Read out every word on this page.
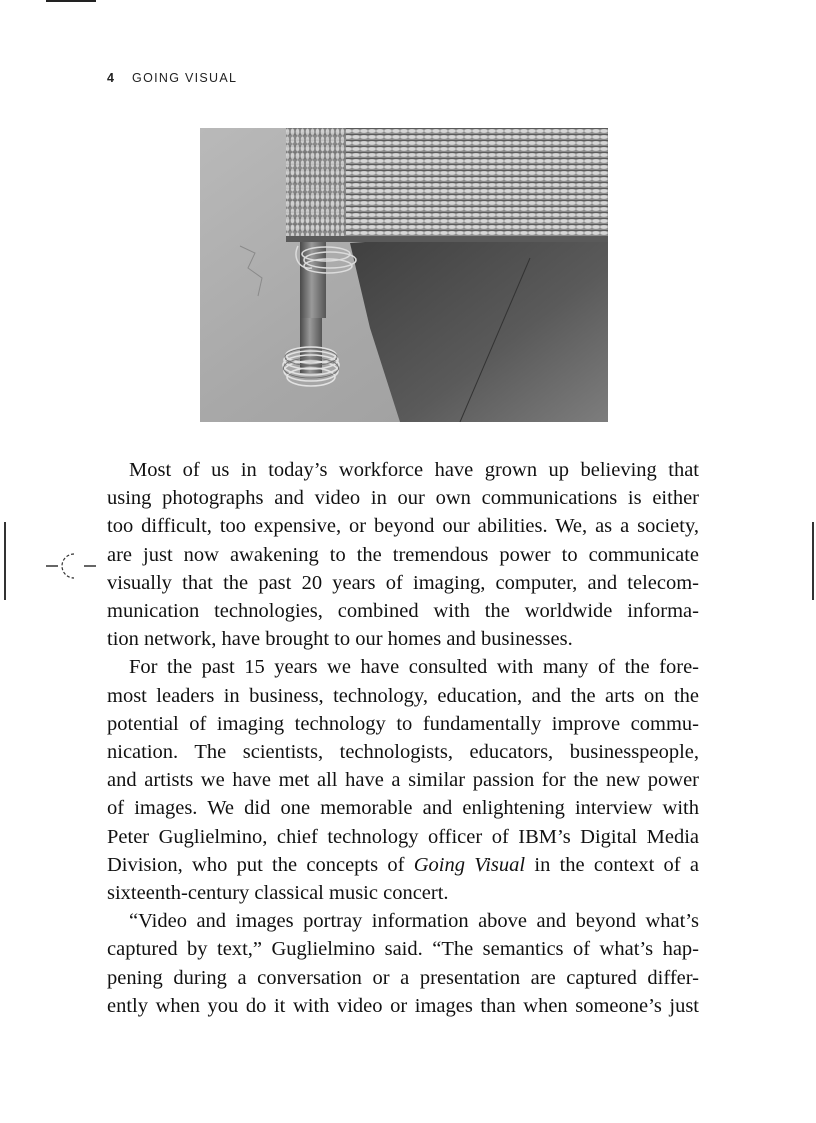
4 GOING VISUAL
Most of us in today’s workforce have grown up believing that
using photographs and video in our own communications is either
too difficult, too expensive, or beyond our abilities. We, as a society,
are just now awakening to the tremendous power to communicate
visually that the past 20 years of imaging, computer, and telecom-
munication technologies, combined with the worldwide informa-
tion network, have brought to our homes and businesses.
For the past 15 years we have consulted with many of the fore-
most leaders in business, technology, education, and the arts on the
potential of imaging technology to fundamentally improve commu-
nication. The scientists, technologists, educators, businesspeople,
and artists we have met all have a similar passion for the new power
of images. We did one memorable and enlightening interview with
Peter Guglielmino, chief technology officer of IBM’s Digital Media
Division, who put the concepts of Going Visual in the context of a
sixteenth-century classical music concert.
“Video and images portray information above and beyond what’s
captured by text,” Guglielmino said. “The semantics of what’s hap-
pening during a conversation or a presentation are captured differ-
ently when you do it with video or images than when someone’s just
